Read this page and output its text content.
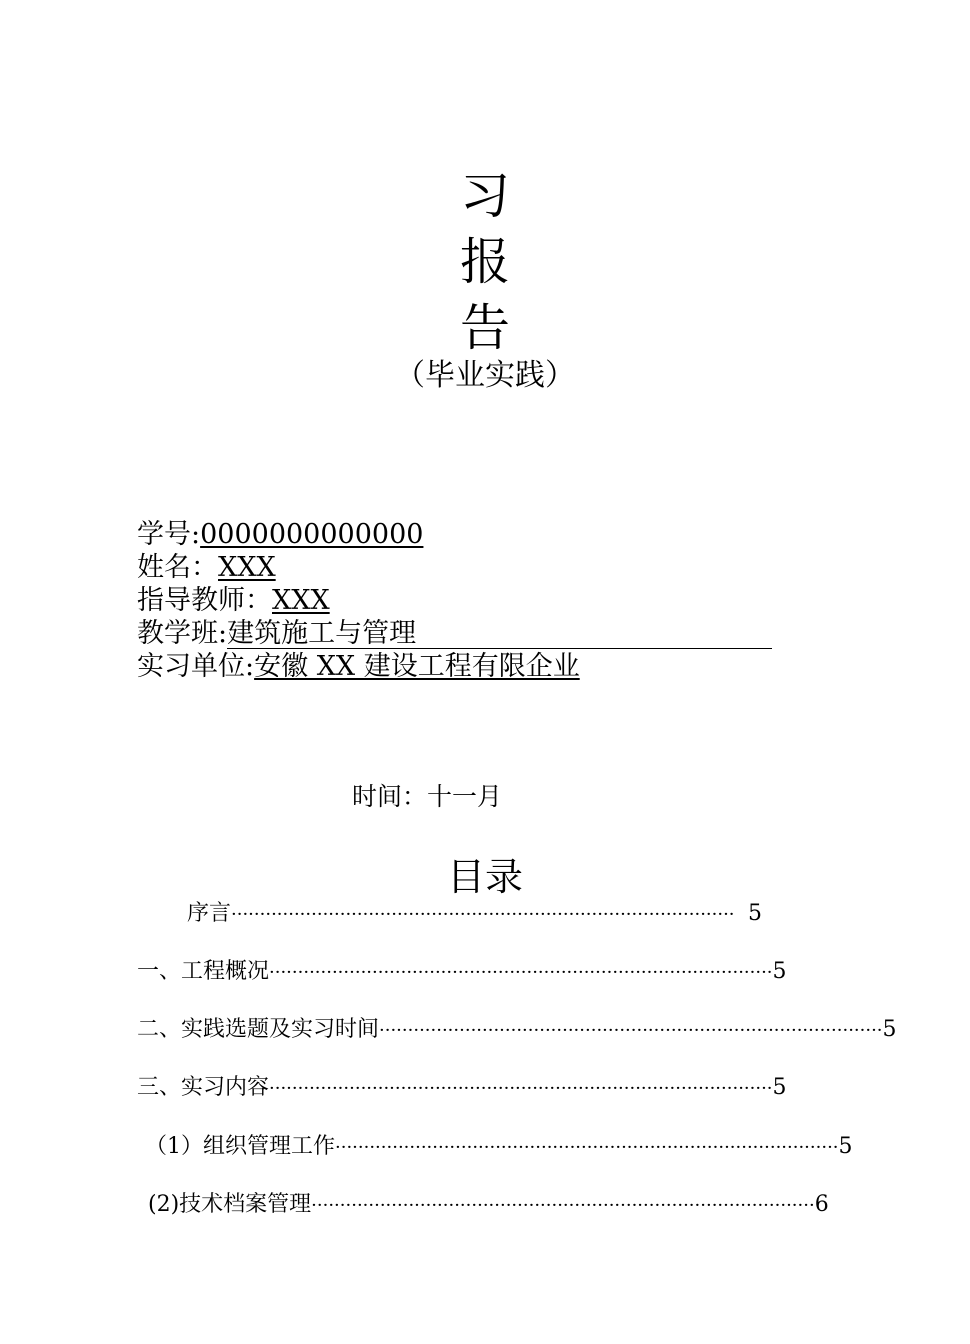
习
报
告
（毕业实践）
学号:0000000000000
姓名：XXX
指导教师：XXX
教学班:建筑施工与管理
实习单位:安徽 XX 建设工程有限企业
时间：十一月
目录
序言 ························································································ 5
一、工程概况 ························································································ 5
二、实践选题及实习时间 ························································································ 5
三、实习内容 ························································································ 5
（1）组织管理工作 ························································································ 5
(2)技术档案管理 ························································································ 6
